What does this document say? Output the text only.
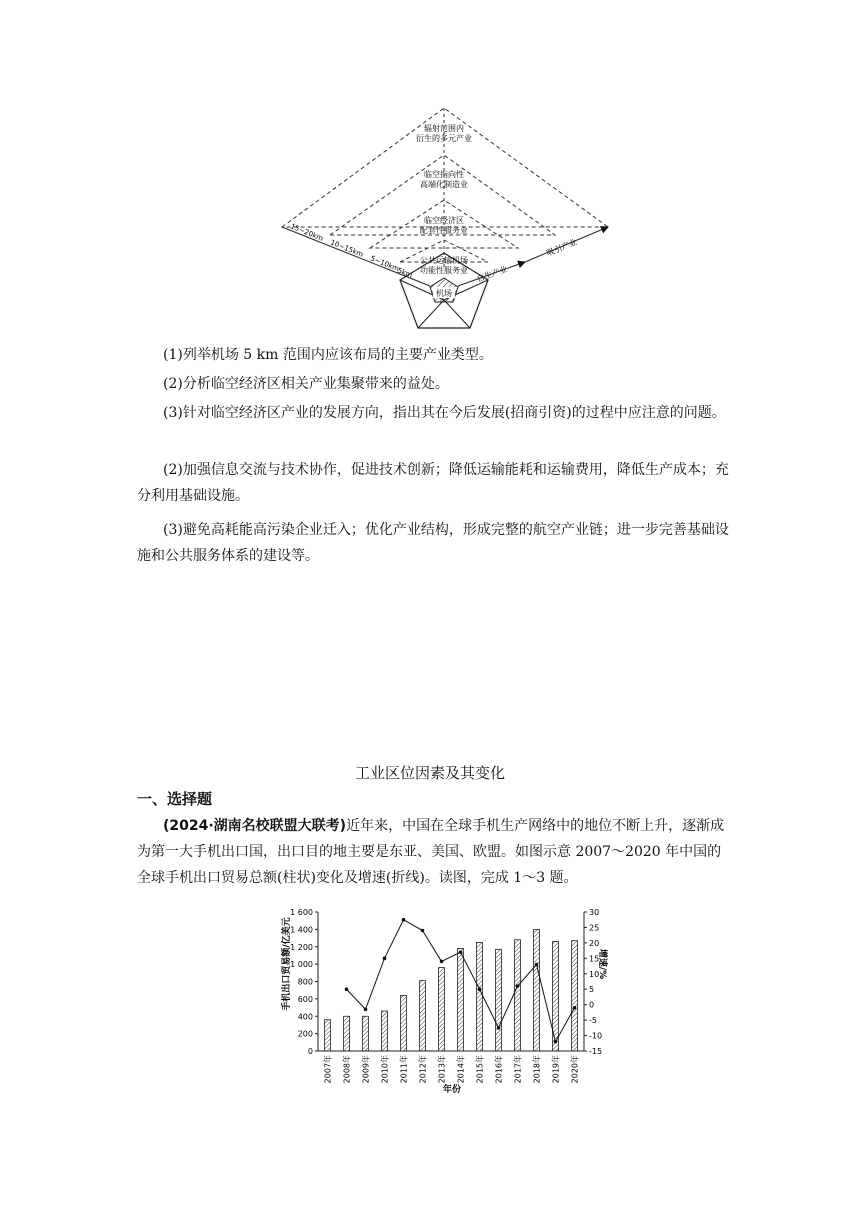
机场
辐射范围内
衍生的多元产业
临空指向性
高端化制造业
临空经济区
配套性服务业
公共运输机场
功能性服务业
15~20km
10~15km
5~10km
5km	自生产业
吸引产业

(1)列举机场 5 km 范围内应该布局的主要产业类型。

(2)分析临空经济区相关产业集聚带来的益处。

(3)针对临空经济区产业的发展方向，指出其在今后发展(招商引资)的过程中应注意的问题。

(2)加强信息交流与技术协作，促进技术创新；降低运输能耗和运输费用，降低生产成本；充分利用基础设施。

(3)避免高耗能高污染企业迁入；优化产业结构，形成完整的航空产业链；进一步完善基础设施和公共服务体系的建设等。

工业区位因素及其变化
一、选择题

(2024·湖南名校联盟大联考)近年来，中国在全球手机生产网络中的地位不断上升，逐渐成为第一大手机出口国，出口目的地主要是东亚、美国、欧盟。如图示意 2007～2020 年中国的全球手机出口贸易总额(柱状)变化及增速(折线)。读图，完成 1～3 题。

手机出口贸易额/亿美元	增速/%
年份
0
200
400
600
800
1 000
1 200
1 400
1 600
-15
-10
-5
0
5
10
15
20
25
30
2007年 2008年 2009年 2010年 2011年 2012年 2013年 2014年 2015年 2016年 2017年 2018年 2019年 2020年
